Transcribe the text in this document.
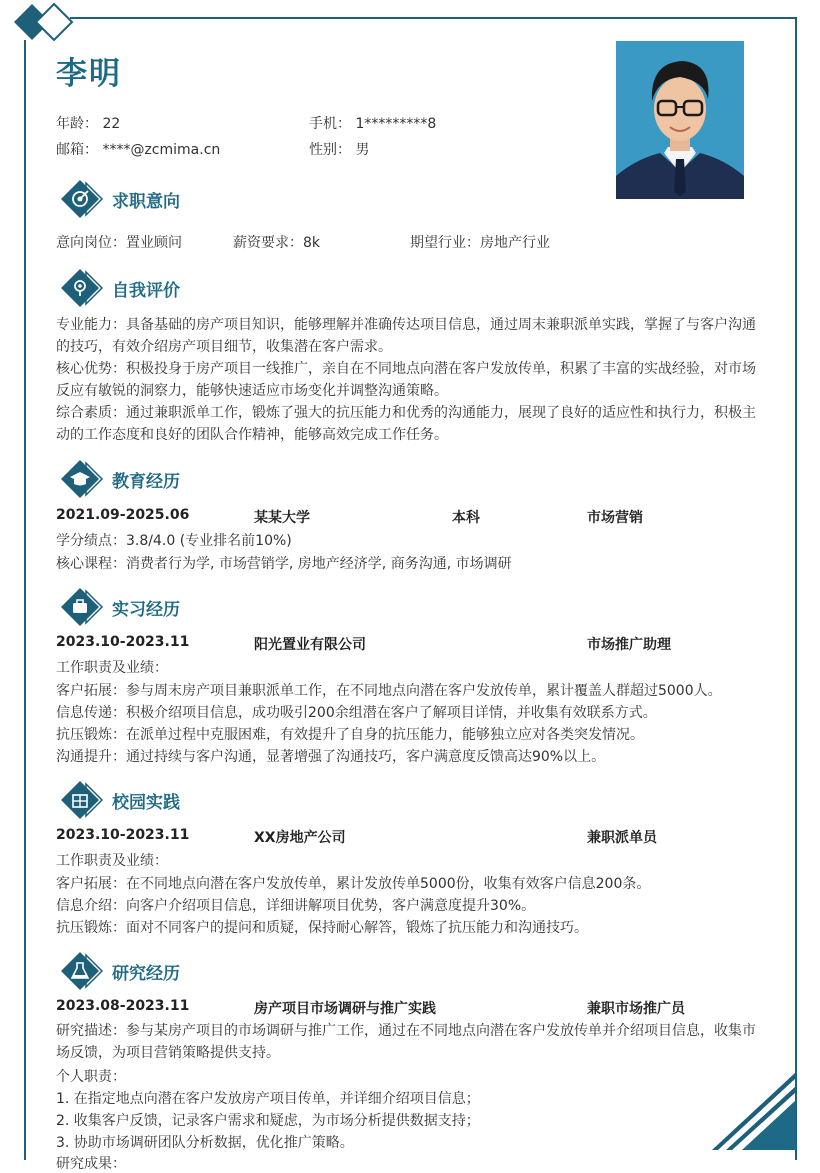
李明
年龄： 22	手机： 1*********8
邮箱： ****@zcmima.cn	性别： 男
求职意向
意向岗位：置业顾问	薪资要求：8k	期望行业：房地产行业
自我评价
专业能力：具备基础的房产项目知识，能够理解并准确传达项目信息，通过周末兼职派单实践，掌握了与客户沟通的技巧，有效介绍房产项目细节，收集潜在客户需求。
核心优势：积极投身于房产项目一线推广，亲自在不同地点向潜在客户发放传单，积累了丰富的实战经验，对市场反应有敏锐的洞察力，能够快速适应市场变化并调整沟通策略。
综合素质：通过兼职派单工作，锻炼了强大的抗压能力和优秀的沟通能力，展现了良好的适应性和执行力，积极主动的工作态度和良好的团队合作精神，能够高效完成工作任务。
教育经历
2021.09-2025.06	某某大学	本科	市场营销
学分绩点：3.8/4.0 (专业排名前10%)
核心课程：消费者行为学, 市场营销学, 房地产经济学, 商务沟通, 市场调研
实习经历
2023.10-2023.11	阳光置业有限公司	市场推广助理
工作职责及业绩：
客户拓展：参与周末房产项目兼职派单工作，在不同地点向潜在客户发放传单，累计覆盖人群超过5000人。
信息传递：积极介绍项目信息，成功吸引200余组潜在客户了解项目详情，并收集有效联系方式。
抗压锻炼：在派单过程中克服困难，有效提升了自身的抗压能力，能够独立应对各类突发情况。
沟通提升：通过持续与客户沟通，显著增强了沟通技巧，客户满意度反馈高达90%以上。
校园实践
2023.10-2023.11	XX房地产公司	兼职派单员
工作职责及业绩：
客户拓展：在不同地点向潜在客户发放传单，累计发放传单5000份，收集有效客户信息200条。
信息介绍：向客户介绍项目信息，详细讲解项目优势，客户满意度提升30%。
抗压锻炼：面对不同客户的提问和质疑，保持耐心解答，锻炼了抗压能力和沟通技巧。
研究经历
2023.08-2023.11	房产项目市场调研与推广实践	兼职市场推广员
研究描述：参与某房产项目的市场调研与推广工作，通过在不同地点向潜在客户发放传单并介绍项目信息，收集市场反馈，为项目营销策略提供支持。
个人职责：
1. 在指定地点向潜在客户发放房产项目传单，并详细介绍项目信息；
2. 收集客户反馈，记录客户需求和疑虑，为市场分析提供数据支持；
3. 协助市场调研团队分析数据，优化推广策略。
研究成果：
